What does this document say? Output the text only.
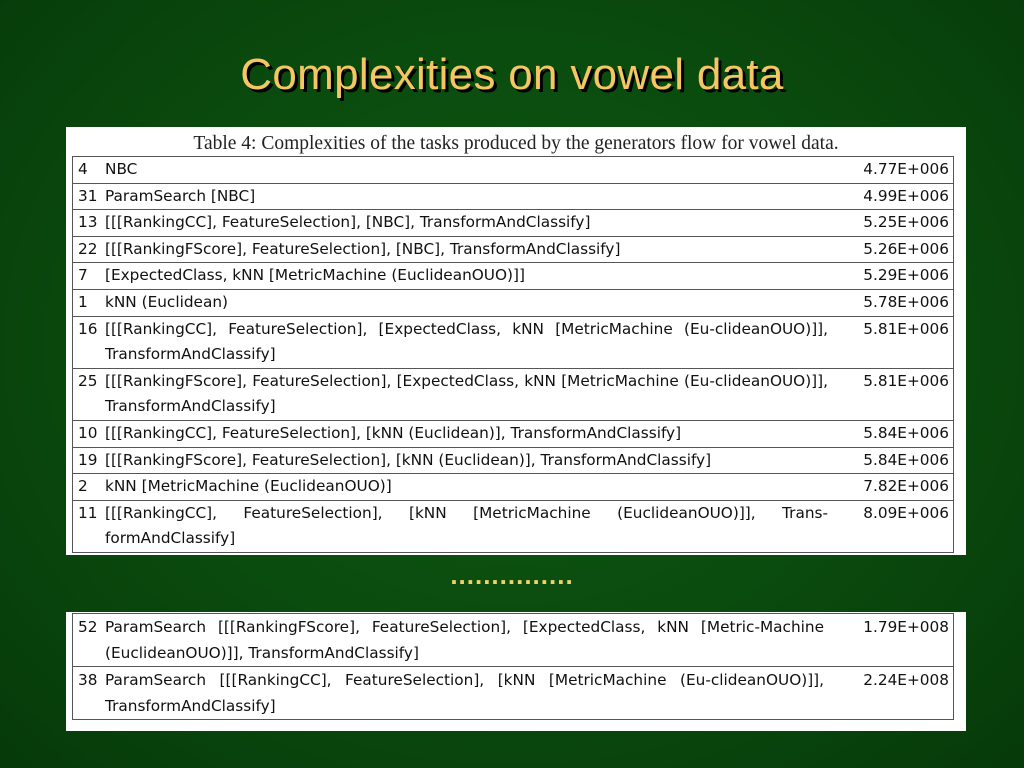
Complexities on vowel data
Table 4: Complexities of the tasks produced by the generators flow for vowel data.
4	NBC	4.77E+006
31	ParamSearch [NBC]	4.99E+006
13	[[[RankingCC], FeatureSelection], [NBC], TransformAndClassify]	5.25E+006
22	[[[RankingFScore], FeatureSelection], [NBC], TransformAndClassify]	5.26E+006
7	[ExpectedClass, kNN [MetricMachine (EuclideanOUO)]]	5.29E+006
1	kNN (Euclidean)	5.78E+006
16	[[[RankingCC], FeatureSelection], [ExpectedClass, kNN [MetricMachine (Eu-clideanOUO)]], TransformAndClassify]	5.81E+006
25	[[[RankingFScore], FeatureSelection], [ExpectedClass, kNN [MetricMachine (Eu-clideanOUO)]], TransformAndClassify]	5.81E+006
10	[[[RankingCC], FeatureSelection], [kNN (Euclidean)], TransformAndClassify]	5.84E+006
19	[[[RankingFScore], FeatureSelection], [kNN (Euclidean)], TransformAndClassify]	5.84E+006
2	kNN [MetricMachine (EuclideanOUO)]	7.82E+006
11	[[[RankingCC], FeatureSelection], [kNN [MetricMachine (EuclideanOUO)]], Trans-formAndClassify]	8.09E+006
...............
52	ParamSearch [[[RankingFScore], FeatureSelection], [ExpectedClass, kNN [Metric-Machine (EuclideanOUO)]], TransformAndClassify]	1.79E+008
38	ParamSearch [[[RankingCC], FeatureSelection], [kNN [MetricMachine (Eu-clideanOUO)]], TransformAndClassify]	2.24E+008
